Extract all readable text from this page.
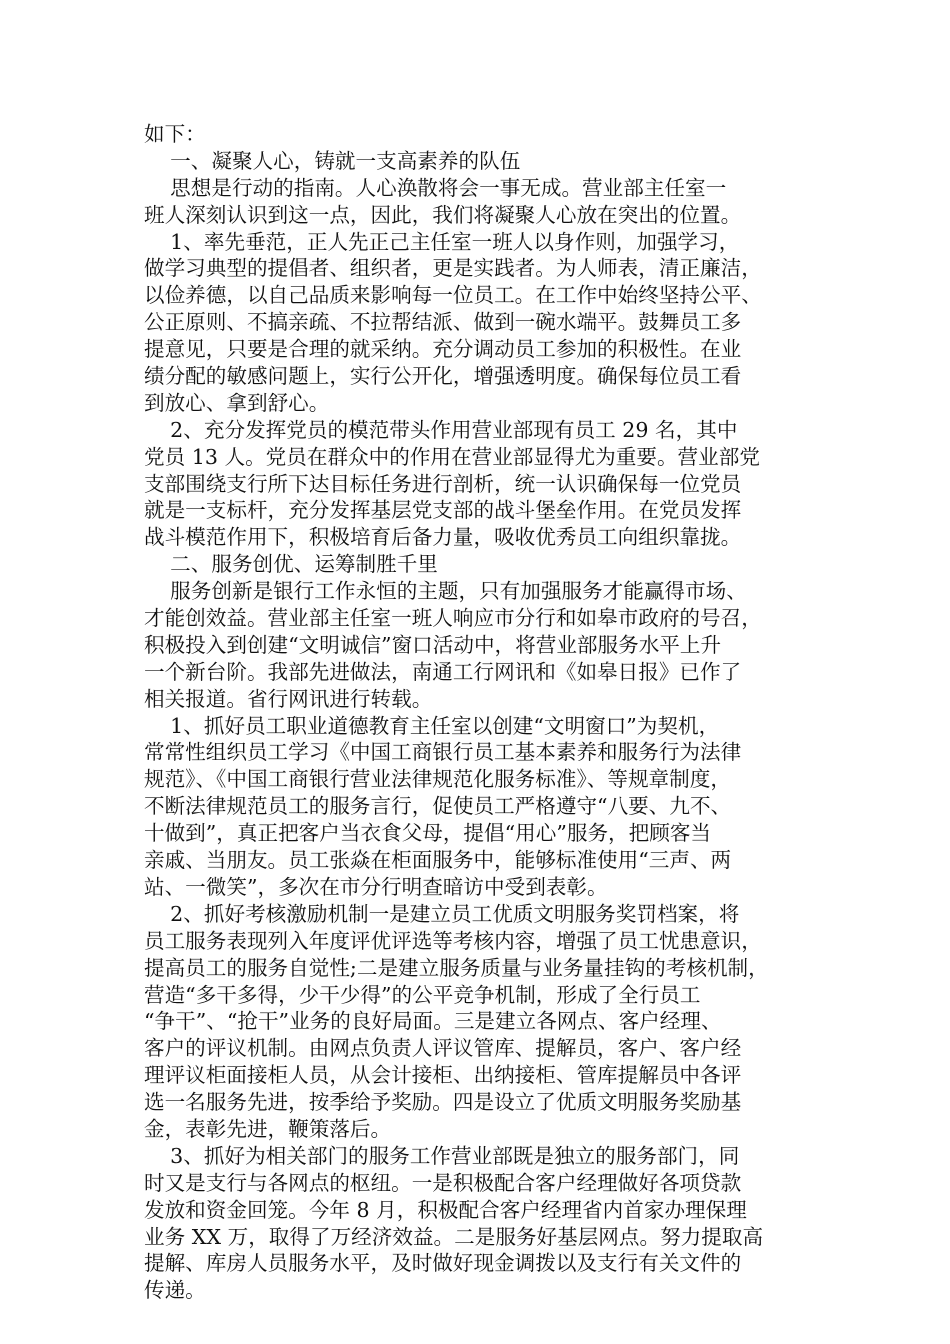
如下：
一、凝聚人心，铸就一支高素养的队伍
思想是行动的指南。人心涣散将会一事无成。营业部主任室一
班人深刻认识到这一点，因此，我们将凝聚人心放在突出的位置。
1、率先垂范，正人先正己主任室一班人以身作则，加强学习，
做学习典型的提倡者、组织者，更是实践者。为人师表，清正廉洁，
以俭养德，以自己品质来影响每一位员工。在工作中始终坚持公平、
公正原则、不搞亲疏、不拉帮结派、做到一碗水端平。鼓舞员工多
提意见，只要是合理的就采纳。充分调动员工参加的积极性。在业
绩分配的敏感问题上，实行公开化，增强透明度。确保每位员工看
到放心、拿到舒心。
2、充分发挥党员的模范带头作用营业部现有员工 29 名，其中
党员 13 人。党员在群众中的作用在营业部显得尤为重要。营业部党
支部围绕支行所下达目标任务进行剖析，统一认识确保每一位党员
就是一支标杆，充分发挥基层党支部的战斗堡垒作用。在党员发挥
战斗模范作用下，积极培育后备力量，吸收优秀员工向组织靠拢。
二、服务创优、运筹制胜千里
服务创新是银行工作永恒的主题，只有加强服务才能赢得市场、
才能创效益。营业部主任室一班人响应市分行和如皋市政府的号召，
积极投入到创建“文明诚信”窗口活动中，将营业部服务水平上升
一个新台阶。我部先进做法，南通工行网讯和《如皋日报》已作了
相关报道。省行网讯进行转载。
1、抓好员工职业道德教育主任室以创建“文明窗口”为契机，
常常性组织员工学习《中国工商银行员工基本素养和服务行为法律
规范》、《中国工商银行营业法律规范化服务标准》、等规章制度，
不断法律规范员工的服务言行，促使员工严格遵守“八要、九不、
十做到”，真正把客户当衣食父母，提倡“用心”服务，把顾客当
亲戚、当朋友。员工张焱在柜面服务中，能够标准使用“三声、两
站、一微笑”，多次在市分行明查暗访中受到表彰。
2、抓好考核激励机制一是建立员工优质文明服务奖罚档案，将
员工服务表现列入年度评优评选等考核内容，增强了员工忧患意识，
提高员工的服务自觉性;二是建立服务质量与业务量挂钩的考核机制，
营造“多干多得，少干少得”的公平竞争机制，形成了全行员工
“争干”、“抢干”业务的良好局面。三是建立各网点、客户经理、
客户的评议机制。由网点负责人评议管库、提解员，客户、客户经
理评议柜面接柜人员，从会计接柜、出纳接柜、管库提解员中各评
选一名服务先进，按季给予奖励。四是设立了优质文明服务奖励基
金，表彰先进，鞭策落后。
3、抓好为相关部门的服务工作营业部既是独立的服务部门，同
时又是支行与各网点的枢纽。一是积极配合客户经理做好各项贷款
发放和资金回笼。今年 8 月，积极配合客户经理省内首家办理保理
业务 XX 万，取得了万经济效益。二是服务好基层网点。努力提取高
提解、库房人员服务水平，及时做好现金调拨以及支行有关文件的
传递。
